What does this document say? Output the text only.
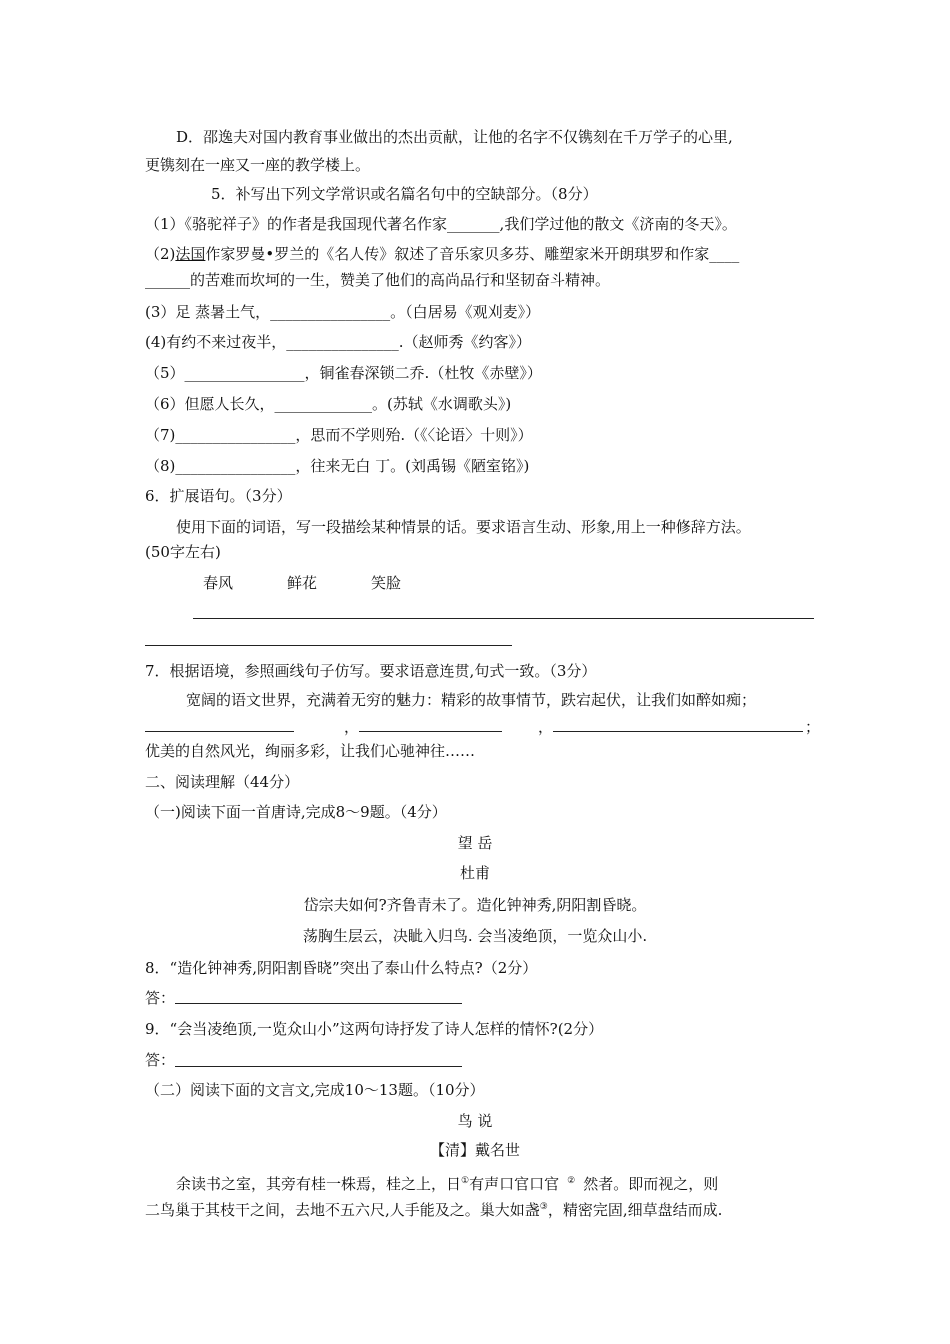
D．邵逸夫对国内教育事业做出的杰出贡献，让他的名字不仅镌刻在千万学子的心里,
更镌刻在一座又一座的教学楼上。
5．补写出下列文学常识或名篇名句中的空缺部分。（8分）
（1）《骆驼祥子》的作者是我国现代著名作家_______,我们学过他的散文《济南的冬天》。
（2)法国作家罗曼•罗兰的《名人传》叙述了音乐家贝多芬、雕塑家米开朗琪罗和作家____
______的苦难而坎坷的一生，赞美了他们的高尚品行和坚韧奋斗精神。
(3）足 蒸暑土气，________________。（白居易《观刈麦》）
(4)有约不来过夜半，_______________.（赵师秀《约客》）
（5）________________，铜雀春深锁二乔.（杜牧《赤壁》）
（6）但愿人长久，_____________。(苏轼《水调歌头》)
（7)________________，思而不学则殆.（《〈论语〉十则》）
（8)________________，往来无白 丁。(刘禹锡《陋室铭》)
6．扩展语句。（3分）
使用下面的词语，写一段描绘某种情景的话。要求语言生动、形象,用上一种修辞方法。
(50字左右)
春风	鲜花	笑脸
7．根据语境，参照画线句子仿写。要求语意连贯,句式一致。（3分）
宽阔的语文世界，充满着无穷的魅力：精彩的故事情节，跌宕起伏，让我们如醉如痴；
，	，	；
优美的自然风光，绚丽多彩，让我们心驰神往……
二、阅读理解（44分）
（一)阅读下面一首唐诗,完成8～9题。（4分）
望 岳
杜甫
岱宗夫如何?齐鲁青未了。造化钟神秀,阴阳割昏晓。
荡胸生层云，决眦入归鸟. 会当凌绝顶，一览众山小.
8．“造化钟神秀,阴阳割昏晓”突出了泰山什么特点?（2分）
答：
9．“会当凌绝顶,一览众山小”这两句诗抒发了诗人怎样的情怀?(2分）
答：
（二）阅读下面的文言文,完成10～13题。（10分）
鸟 说
【清】戴名世
余读书之室，其旁有桂一株焉，桂之上，日①有声口官口官 ② 然者。即而视之，则
二鸟巢于其枝干之间，去地不五六尺,人手能及之。巢大如盏③，精密完固,细草盘结而成.
